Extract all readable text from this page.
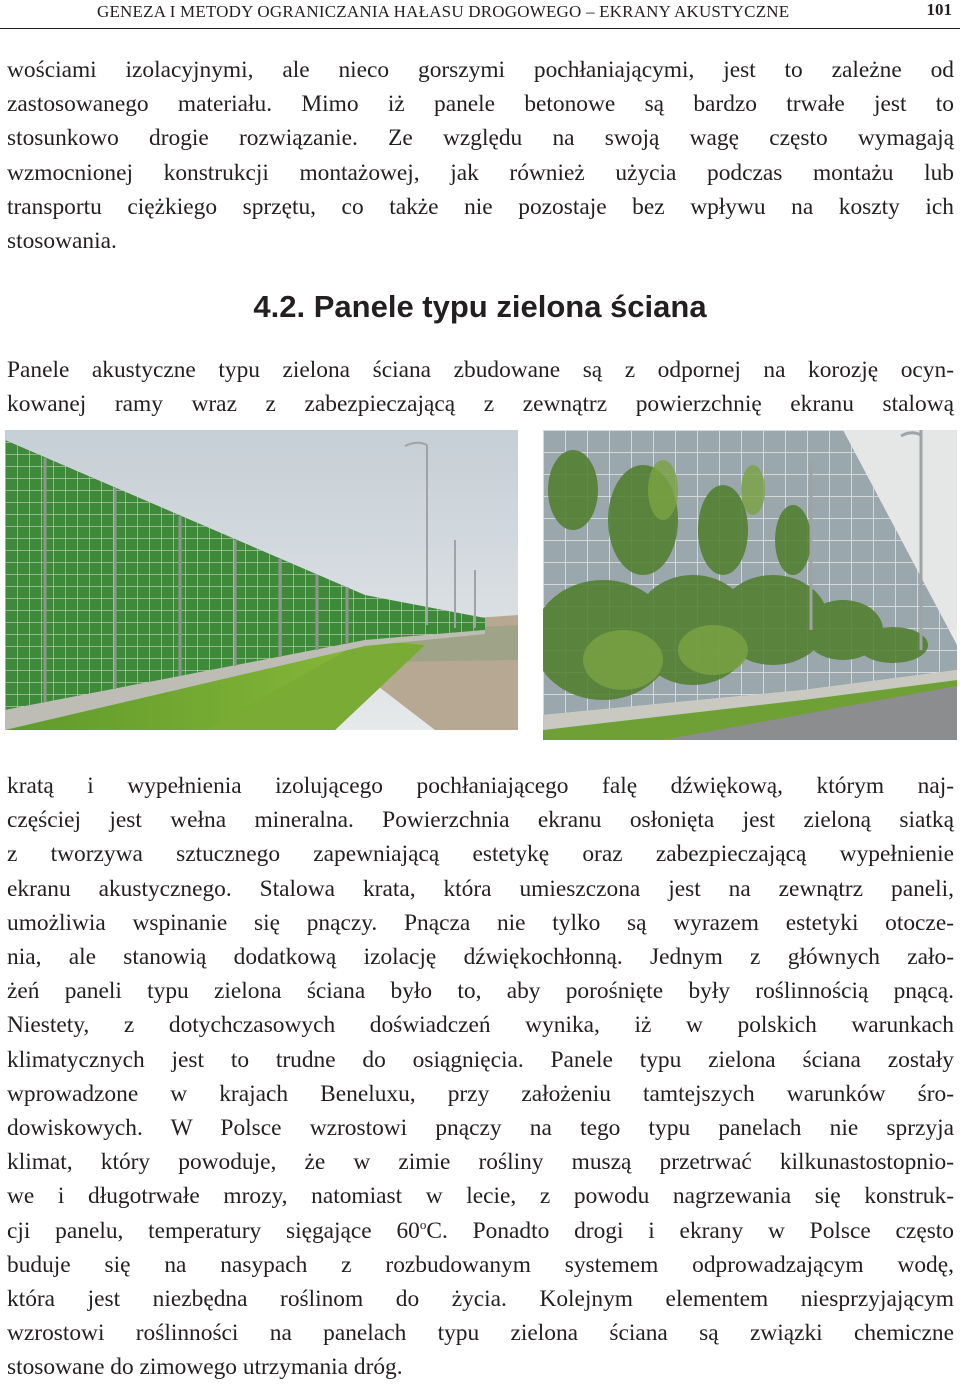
GENEZA I METODY OGRANICZANIA HAŁASU DROGOWEGO – EKRANY AKUSTYCZNE	101
wościami izolacyjnymi, ale nieco gorszymi pochłaniającymi, jest to zależne od
zastosowanego materiału. Mimo iż panele betonowe są bardzo trwałe jest to
stosunkowo drogie rozwiązanie. Ze względu na swoją wagę często wymagają
wzmocnionej konstrukcji montażowej, jak również użycia podczas montażu lub
transportu ciężkiego sprzętu, co także nie pozostaje bez wpływu na koszty ich
stosowania.
4.2. Panele typu zielona ściana
Panele akustyczne typu zielona ściana zbudowane są z odpornej na korozję ocyn-
kowanej ramy wraz z zabezpieczającą z zewnątrz powierzchnię ekranu stalową
kratą i wypełnienia izolującego pochłaniającego falę dźwiękową, którym naj-
częściej jest wełna mineralna. Powierzchnia ekranu osłonięta jest zieloną siatką
z tworzywa sztucznego zapewniającą estetykę oraz zabezpieczającą wypełnienie
ekranu akustycznego. Stalowa krata, która umieszczona jest na zewnątrz paneli,
umożliwia wspinanie się pnączy. Pnącza nie tylko są wyrazem estetyki otocze-
nia, ale stanowią dodatkową izolację dźwiękochłonną. Jednym z głównych zało-
żeń paneli typu zielona ściana było to, aby porośnięte były roślinnością pnącą.
Niestety, z dotychczasowych doświadczeń wynika, iż w polskich warunkach
klimatycznych jest to trudne do osiągnięcia. Panele typu zielona ściana zostały
wprowadzone w krajach Beneluxu, przy założeniu tamtejszych warunków śro-
dowiskowych. W Polsce wzrostowi pnączy na tego typu panelach nie sprzyja
klimat, który powoduje, że w zimie rośliny muszą przetrwać kilkunastostopnio-
we i długotrwałe mrozy, natomiast w lecie, z powodu nagrzewania się konstruk-
cji panelu, temperatury sięgające 60$^o$C. Ponadto drogi i ekrany w Polsce często
buduje się na nasypach z rozbudowanym systemem odprowadzającym wodę,
która jest niezbędna roślinom do życia. Kolejnym elementem niesprzyjającym
wzrostowi roślinności na panelach typu zielona ściana są związki chemiczne
stosowane do zimowego utrzymania dróg.
